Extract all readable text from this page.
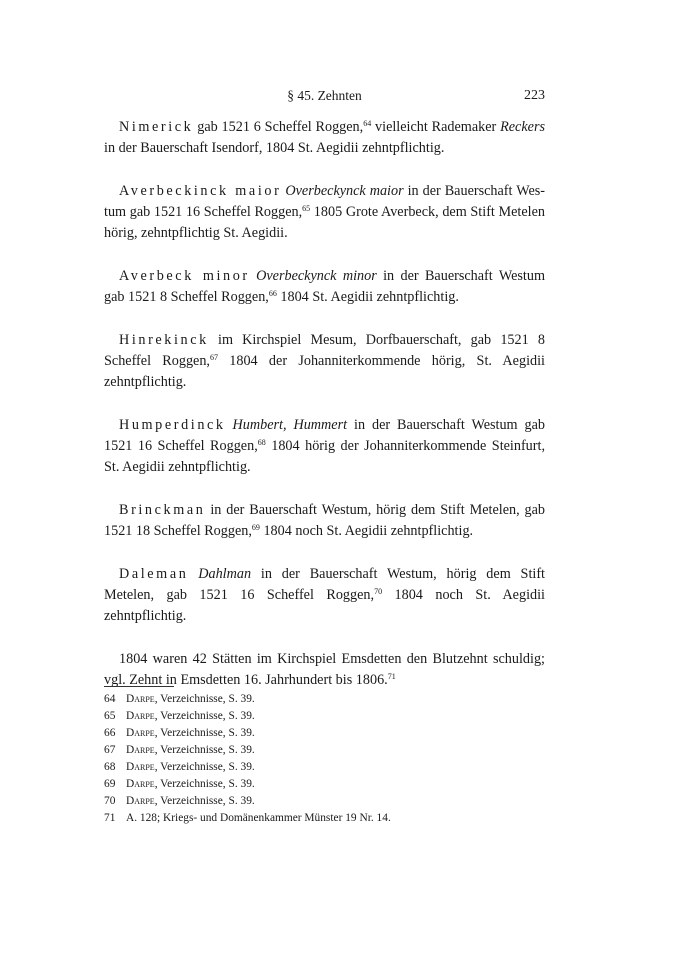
§ 45. Zehnten	223

Nimerick gab 1521 6 Scheffel Roggen,$^{64}$ vielleicht Rademaker Reckers in der Bauerschaft Isendorf, 1804 St. Aegidii zehntpflichtig.

Averbeckinck maior Overbeckynck maior in der Bauerschaft Westum gab 1521 16 Scheffel Roggen,$^{65}$ 1805 Grote Averbeck, dem Stift Metelen hörig, zehntpflichtig St. Aegidii.

Averbeck minor Overbeckynck minor in der Bauerschaft Westum gab 1521 8 Scheffel Roggen,$^{66}$ 1804 St. Aegidii zehntpflichtig.

Hinrekinck im Kirchspiel Mesum, Dorfbauerschaft, gab 1521 8 Scheffel Roggen,$^{67}$ 1804 der Johanniterkommende hörig, St. Aegidii zehntpflichtig.

Humperdinck Humbert, Hummert in der Bauerschaft Westum gab 1521 16 Scheffel Roggen,$^{68}$ 1804 hörig der Johanniterkommende Steinfurt, St. Aegidii zehntpflichtig.

Brinckman in der Bauerschaft Westum, hörig dem Stift Metelen, gab 1521 18 Scheffel Roggen,$^{69}$ 1804 noch St. Aegidii zehntpflichtig.

Daleman Dahlman in der Bauerschaft Westum, hörig dem Stift Metelen, gab 1521 16 Scheffel Roggen,$^{70}$ 1804 noch St. Aegidii zehntpflichtig.

1804 waren 42 Stätten im Kirchspiel Emsdetten den Blutzehnt schuldig; vgl. Zehnt in Emsdetten 16. Jahrhundert bis 1806.71

64 Darpe, Verzeichnisse, S. 39.
65 Darpe, Verzeichnisse, S. 39.
66 Darpe, Verzeichnisse, S. 39.
67 Darpe, Verzeichnisse, S. 39.
68 Darpe, Verzeichnisse, S. 39.
69 Darpe, Verzeichnisse, S. 39.
70 Darpe, Verzeichnisse, S. 39.
71 A. 128; Kriegs- und Domänenkammer Münster 19 Nr. 14.
